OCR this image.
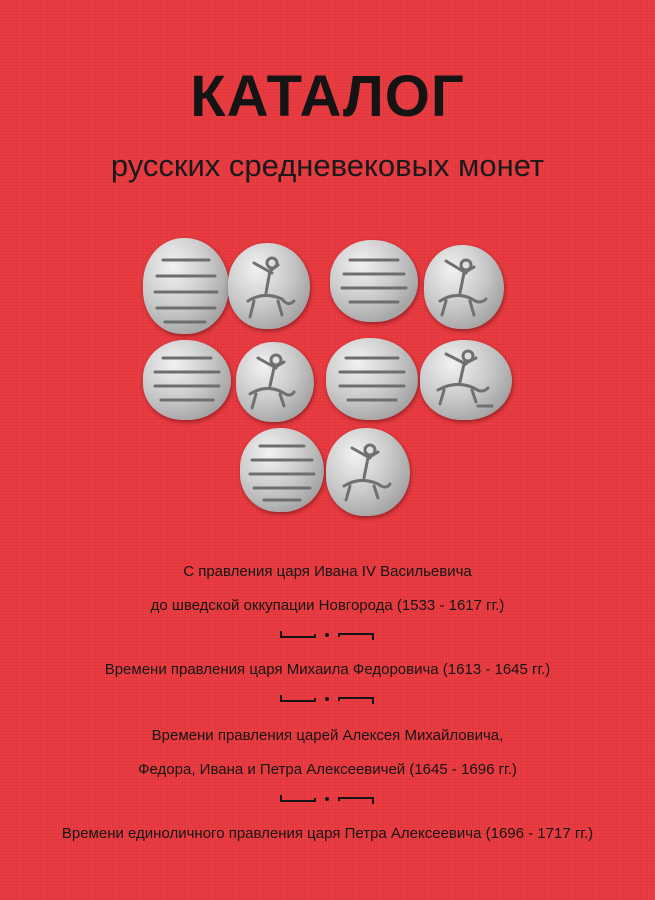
КАТАЛОГ
русских средневековых монет
С правления царя Ивана IV Васильевича
до шведской оккупации Новгорода (1533 - 1617 гг.)
Времени правления царя Михаила Федоровича (1613 - 1645 гг.)
Времени правления царей Алексея Михайловича,
Федора, Ивана и Петра Алексеевичей (1645 - 1696 гг.)
Времени единоличного правления царя Петра Алексеевича (1696 - 1717 гг.)
